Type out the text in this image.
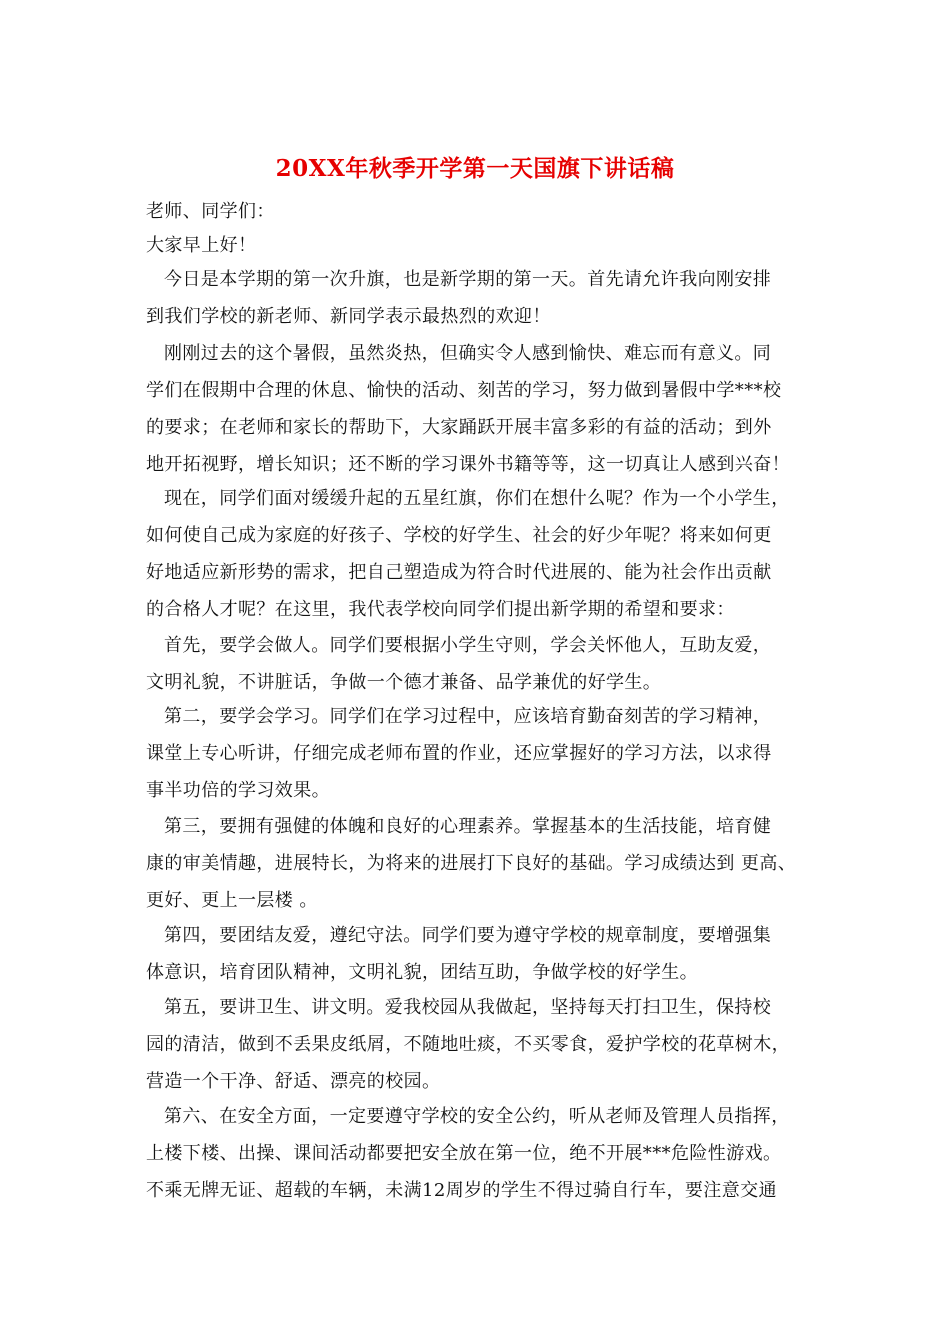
20XX年秋季开学第一天国旗下讲话稿
老师、同学们：
大家早上好！
今日是本学期的第一次升旗，也是新学期的第一天。首先请允许我向刚安排
到我们学校的新老师、新同学表示最热烈的欢迎！
刚刚过去的这个暑假，虽然炎热，但确实令人感到愉快、难忘而有意义。同
学们在假期中合理的休息、愉快的活动、刻苦的学习，努力做到暑假中学***校
的要求；在老师和家长的帮助下，大家踊跃开展丰富多彩的有益的活动；到外
地开拓视野，增长知识；还不断的学习课外书籍等等，这一切真让人感到兴奋！
现在，同学们面对缓缓升起的五星红旗，你们在想什么呢？作为一个小学生，
如何使自己成为家庭的好孩子、学校的好学生、社会的好少年呢？将来如何更
好地适应新形势的需求，把自己塑造成为符合时代进展的、能为社会作出贡献
的合格人才呢？在这里，我代表学校向同学们提出新学期的希望和要求：
首先，要学会做人。同学们要根据小学生守则，学会关怀他人，互助友爱，
文明礼貌，不讲脏话，争做一个德才兼备、品学兼优的好学生。
第二，要学会学习。同学们在学习过程中，应该培育勤奋刻苦的学习精神，
课堂上专心听讲，仔细完成老师布置的作业，还应掌握好的学习方法，以求得
事半功倍的学习效果。
第三，要拥有强健的体魄和良好的心理素养。掌握基本的生活技能，培育健
康的审美情趣，进展特长，为将来的进展打下良好的基础。学习成绩达到 更高、
更好、更上一层楼 。
第四，要团结友爱，遵纪守法。同学们要为遵守学校的规章制度，要增强集
体意识，培育团队精神，文明礼貌，团结互助，争做学校的好学生。
第五，要讲卫生、讲文明。爱我校园从我做起，坚持每天打扫卫生，保持校
园的清洁，做到不丢果皮纸屑，不随地吐痰，不买零食，爱护学校的花草树木，
营造一个干净、舒适、漂亮的校园。
第六、在安全方面，一定要遵守学校的安全公约，听从老师及管理人员指挥，
上楼下楼、出操、课间活动都要把安全放在第一位，绝不开展***危险性游戏。
不乘无牌无证、超载的车辆，未满12周岁的学生不得过骑自行车，要注意交通
